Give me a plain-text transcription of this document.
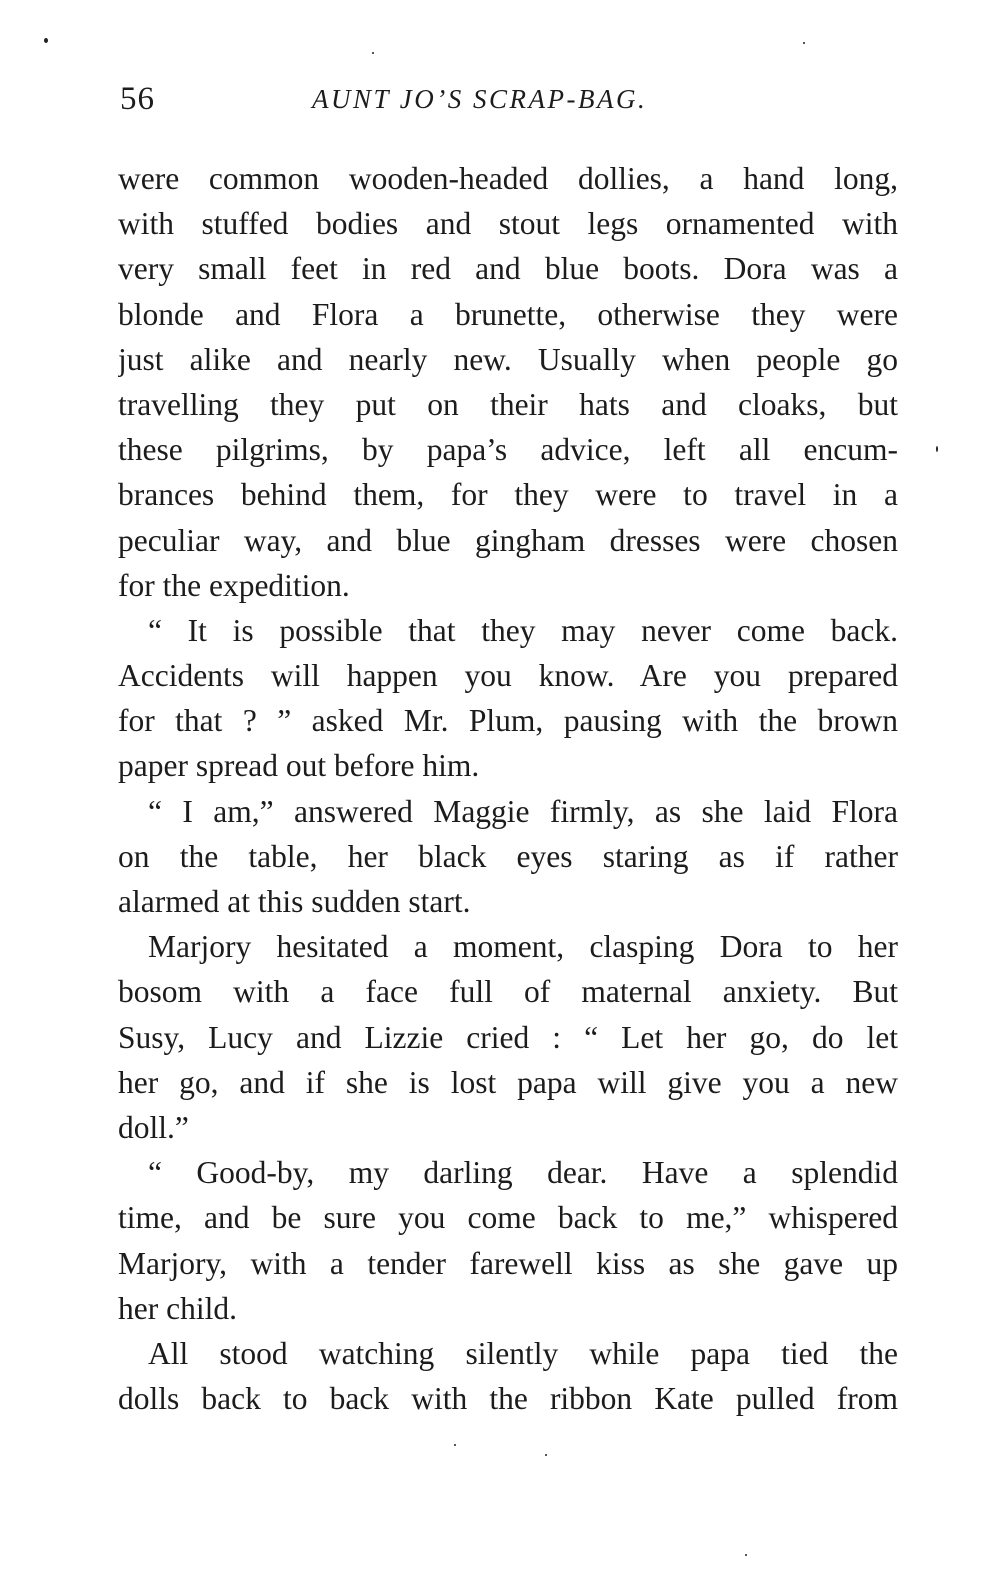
56	AUNT JO’S SCRAP-BAG.
were common wooden-headed dollies, a hand long,
with stuffed bodies and stout legs ornamented with
very small feet in red and blue boots. Dora was a
blonde and Flora a brunette, otherwise they were
just alike and nearly new. Usually when people go
travelling they put on their hats and cloaks, but
these pilgrims, by papa’s advice, left all encum-
brances behind them, for they were to travel in a
peculiar way, and blue gingham dresses were chosen
for the expedition.
“ It is possible that they may never come back.
Accidents will happen you know. Are you prepared
for that ? ” asked Mr. Plum, pausing with the brown
paper spread out before him.
“ I am,” answered Maggie firmly, as she laid Flora
on the table, her black eyes staring as if rather
alarmed at this sudden start.
Marjory hesitated a moment, clasping Dora to her
bosom with a face full of maternal anxiety. But
Susy, Lucy and Lizzie cried : “ Let her go, do let
her go, and if she is lost papa will give you a new
doll.”
“ Good-by, my darling dear. Have a splendid
time, and be sure you come back to me,” whispered
Marjory, with a tender farewell kiss as she gave up
her child.
All stood watching silently while papa tied the
dolls back to back with the ribbon Kate pulled from
